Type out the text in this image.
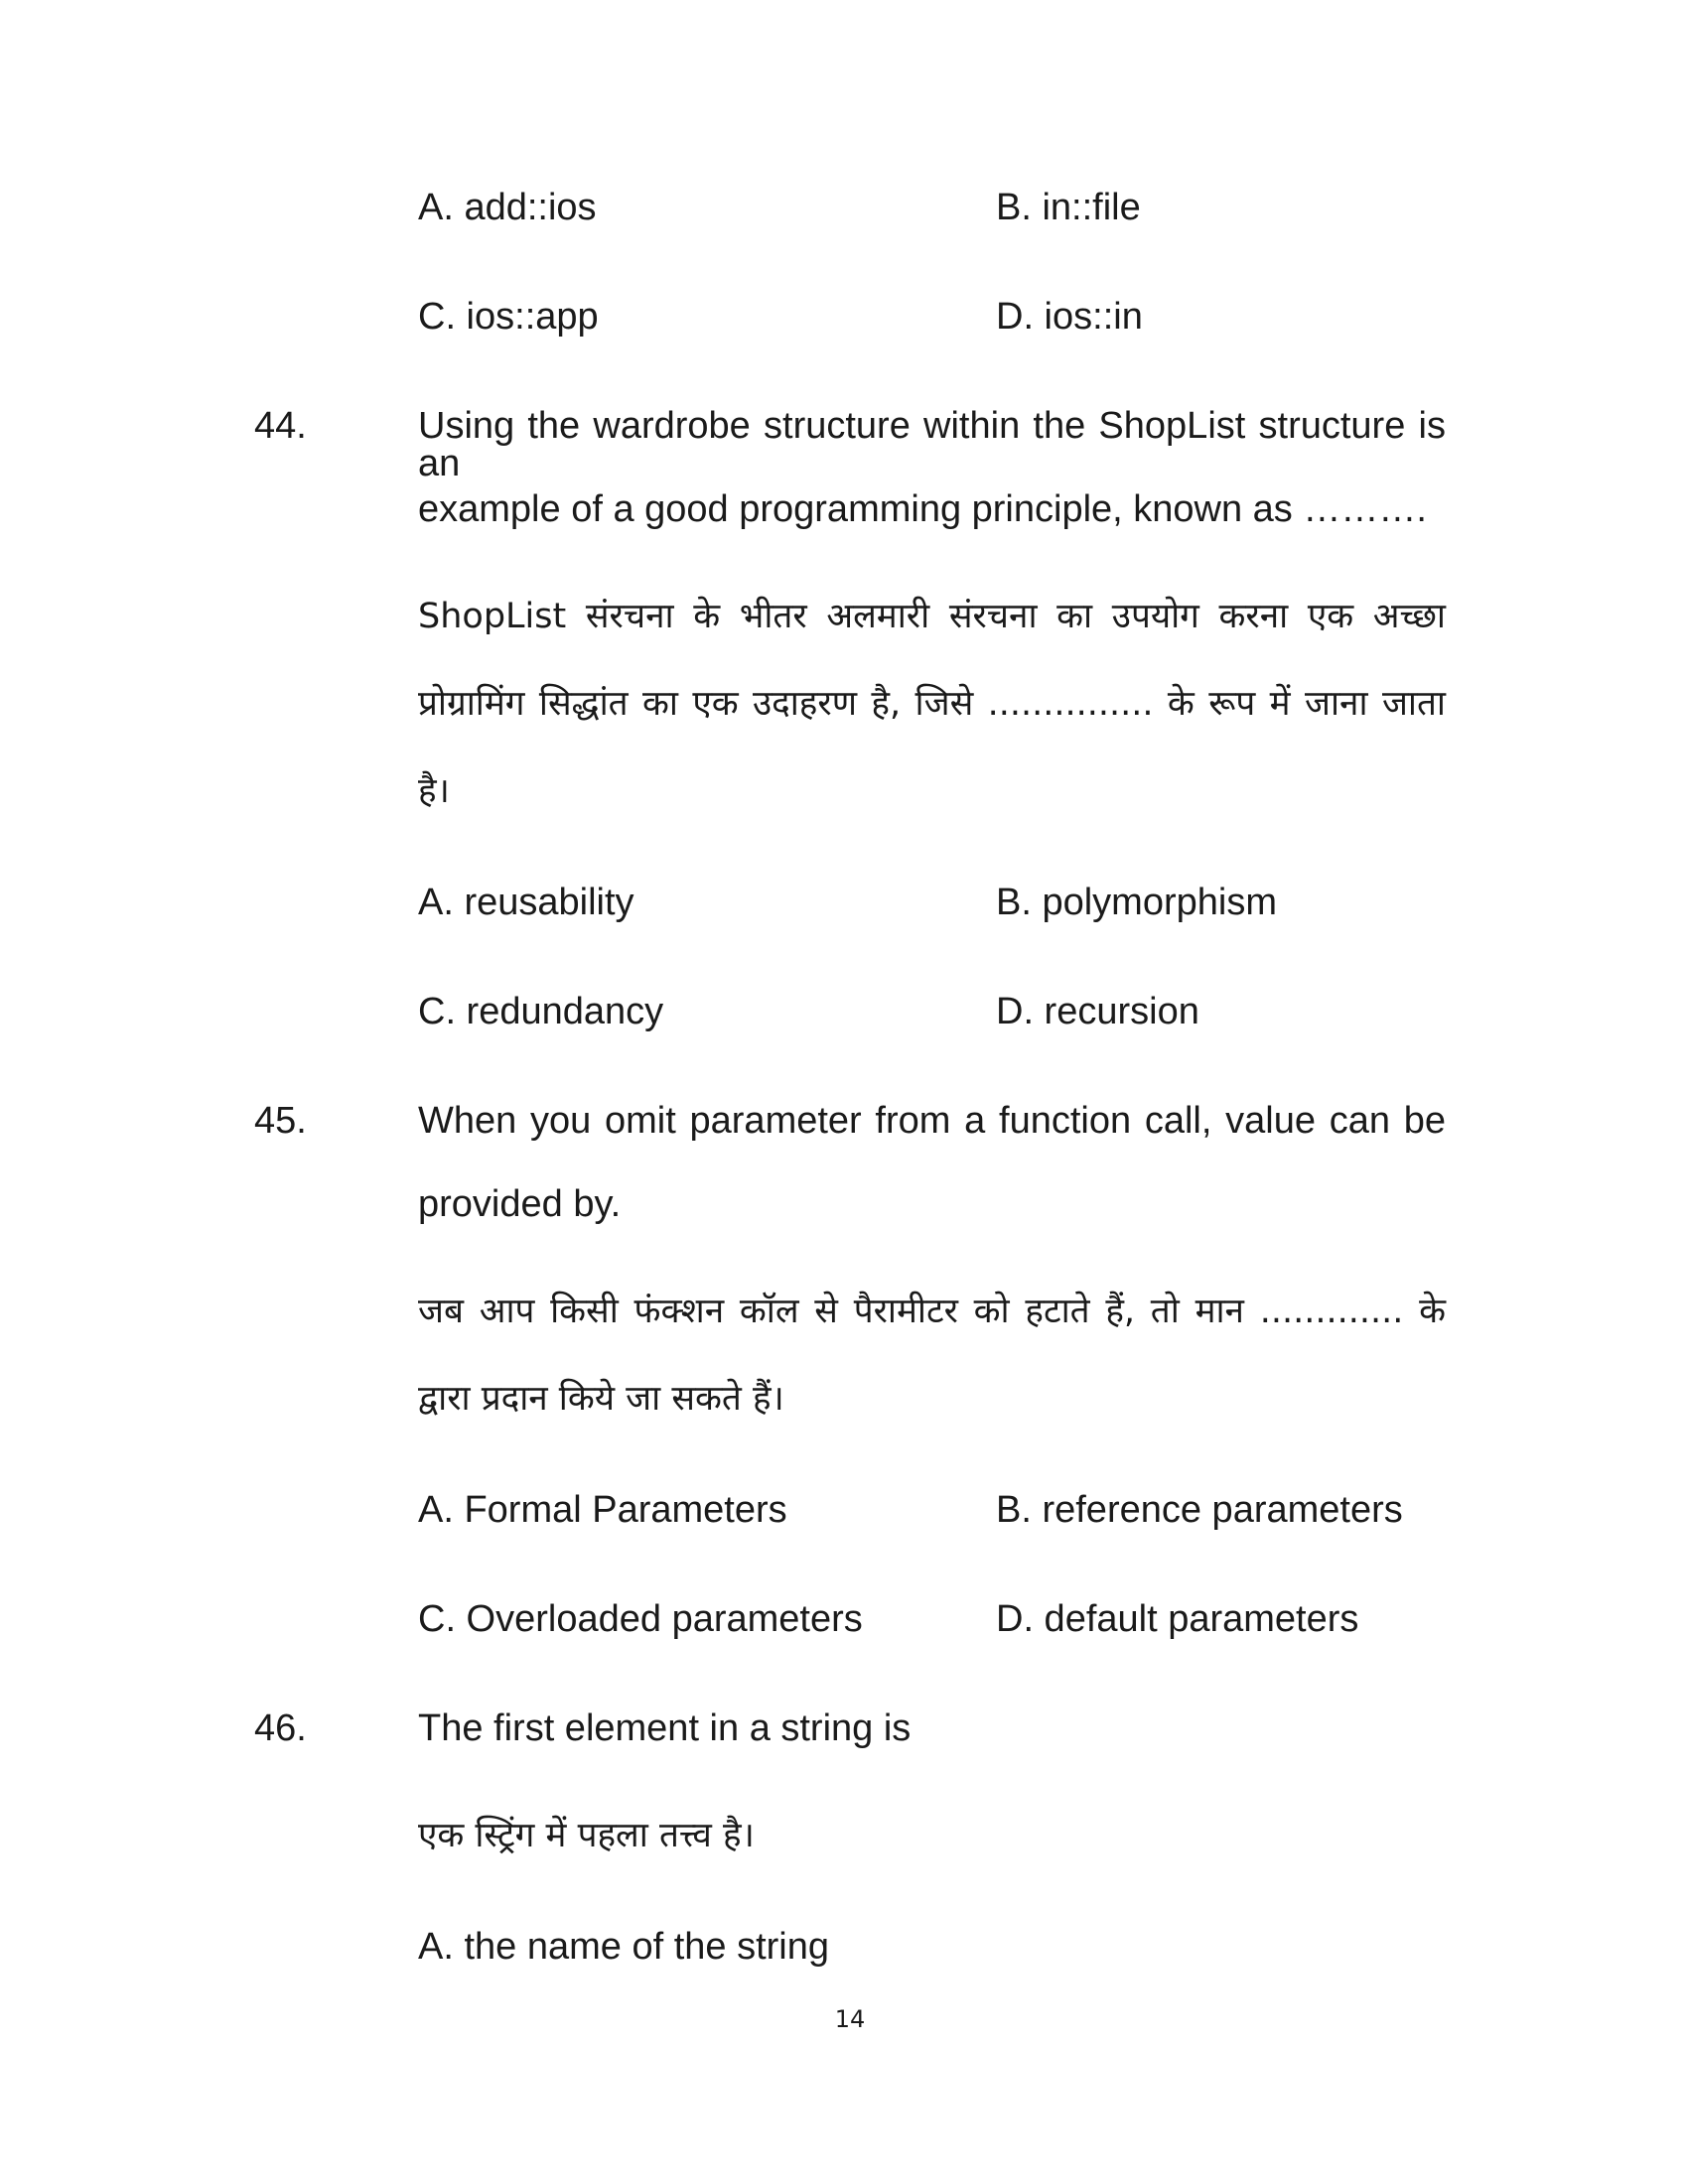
A. add::ios	B. in::file
C. ios::app	D. ios::in
44.	Using the wardrobe structure within the ShopList structure is an
example of a good programming principle, known as ……….
ShopList संरचना के भीतर अलमारी संरचना का उपयोग करना एक अच्छा
प्रोग्रामिंग सिद्धांत का एक उदाहरण है, जिसे ............... के रूप में जाना जाता
है।
A. reusability	B. polymorphism
C. redundancy	D. recursion
45.	When you omit parameter from a function call, value can be
provided by.
जब आप किसी फंक्शन कॉल से पैरामीटर को हटाते हैं, तो मान ............. के
द्वारा प्रदान किये जा सकते हैं।
A. Formal Parameters	B. reference parameters
C. Overloaded parameters	D. default parameters
46.	The first element in a string is
एक स्ट्रिंग में पहला तत्त्व है।
A. the name of the string
14
